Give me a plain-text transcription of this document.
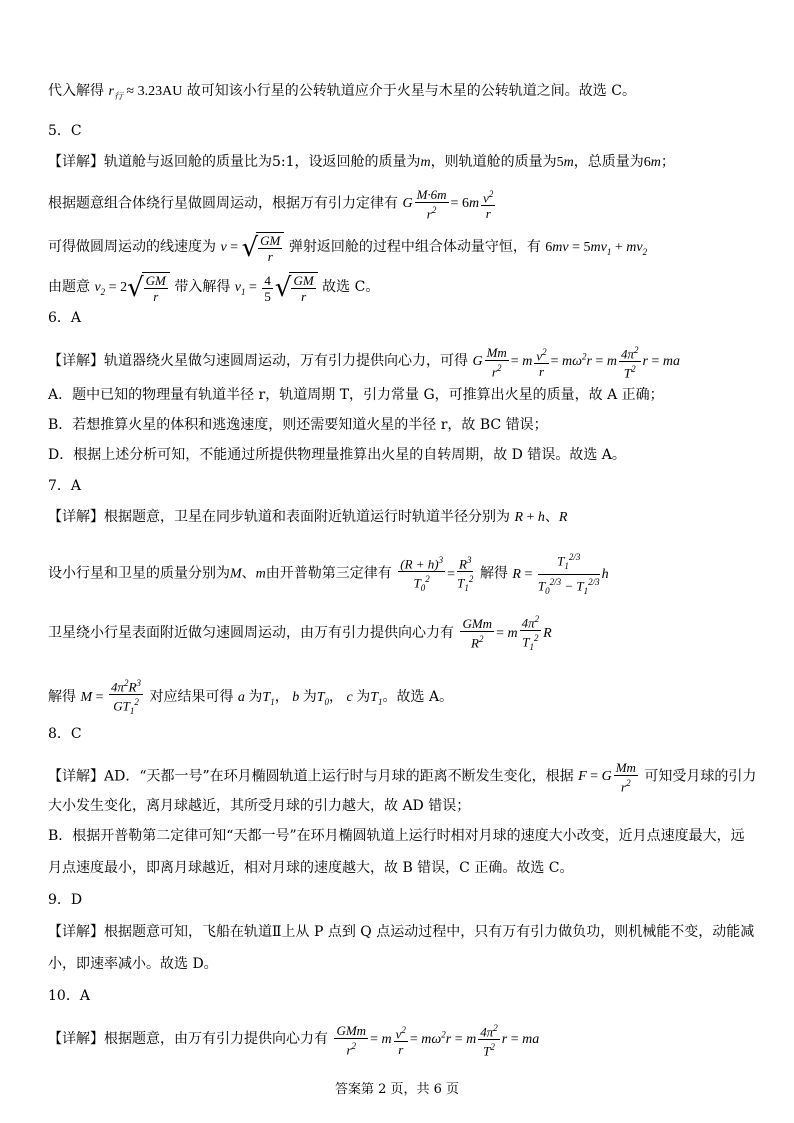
代入解得 $r_行 \approx 3.23AU$ 故可知该小行星的公转轨道应介于火星与木星的公转轨道之间。故选 C。
5．C
【详解】轨道舱与返回舱的质量比为5:1，设返回舱的质量为m，则轨道舱的质量为5m，总质量为6m；
根据题意组合体绕行星做圆周运动，根据万有引力定律有 G $\frac{M\cdot 6m}{r^2} = 6m \frac{v^2}{r}$
可得做圆周运动的线速度为 v = √ $\frac{GM}{r}$ 弹射返回舱的过程中组合体动量守恒，有 $6mv = 5mv_1 + mv_2$
由题意 $v_2 = 2√ \frac{GM}{r}$ 带入解得 $v_1 = \frac{4}{5}$ √ $\frac{GM}{r}$ 故选 C。
6．A
【详解】轨道器绕火星做匀速圆周运动，万有引力提供向心力，可得 G $\frac{Mm}{r^2} = m \frac{v^2}{r} = m\omega^2r = m \frac{4\pi^2}{T^2}$ r = ma
A．题中已知的物理量有轨道半径 r，轨道周期 T，引力常量 G，可推算出火星的质量，故 A 正确；
B．若想推算火星的体积和逃逸速度，则还需要知道火星的半径 r，故 BC 错误；
D．根据上述分析可知，不能通过所提供物理量推算出火星的自转周期，故 D 错误。故选 A。
7．A
【详解】根据题意，卫星在同步轨道和表面附近轨道运行时轨道半径分别为 R + h、R
设小行星和卫星的质量分别为M、m由开普勒第三定律有 $\frac{(R + h)^3}{T_0^2} = \frac{R^3}{T_1^2}$ 解得 $R = \frac{T_1^{2/3}}{T_0^{2/3} - T_1^{2/3}}$ h
卫星绕小行星表面附近做匀速圆周运动，由万有引力提供向心力有 $\frac{\text{GMm}}{R^2} = m \frac{4\pi^2}{T_1^2}$ R
解得 $M = \frac{4\pi^2R^3}{GT_1^2}$ 对应结果可得 a 为$T_1$， b 为$T_0$， c 为$T_1$。故选 A。
8．C
【详解】AD．“天都一号”在环月椭圆轨道上运行时与月球的距离不断发生变化，根据 F = G $\frac{Mm}{r^2}$ 可知受月球的引力
大小发生变化，离月球越近，其所受月球的引力越大，故 AD 错误；
B．根据开普勒第二定律可知“天都一号”在环月椭圆轨道上运行时相对月球的速度大小改变，近月点速度最大，远
月点速度最小，即离月球越近，相对月球的速度越大，故 B 错误，C 正确。故选 C。
9．D
【详解】根据题意可知，飞船在轨道Ⅱ上从 P 点到 Q 点运动过程中，只有万有引力做负功，则机械能不变，动能减
小，即速率减小。故选 D。
10．A
【详解】根据题意，由万有引力提供向心力有 $\frac{\text{GMm}}{r^2} = m \frac{v^2}{r} = m\omega^2r = m \frac{4\pi^2}{T^2}$ r = ma
答案第 2 页，共 6 页
